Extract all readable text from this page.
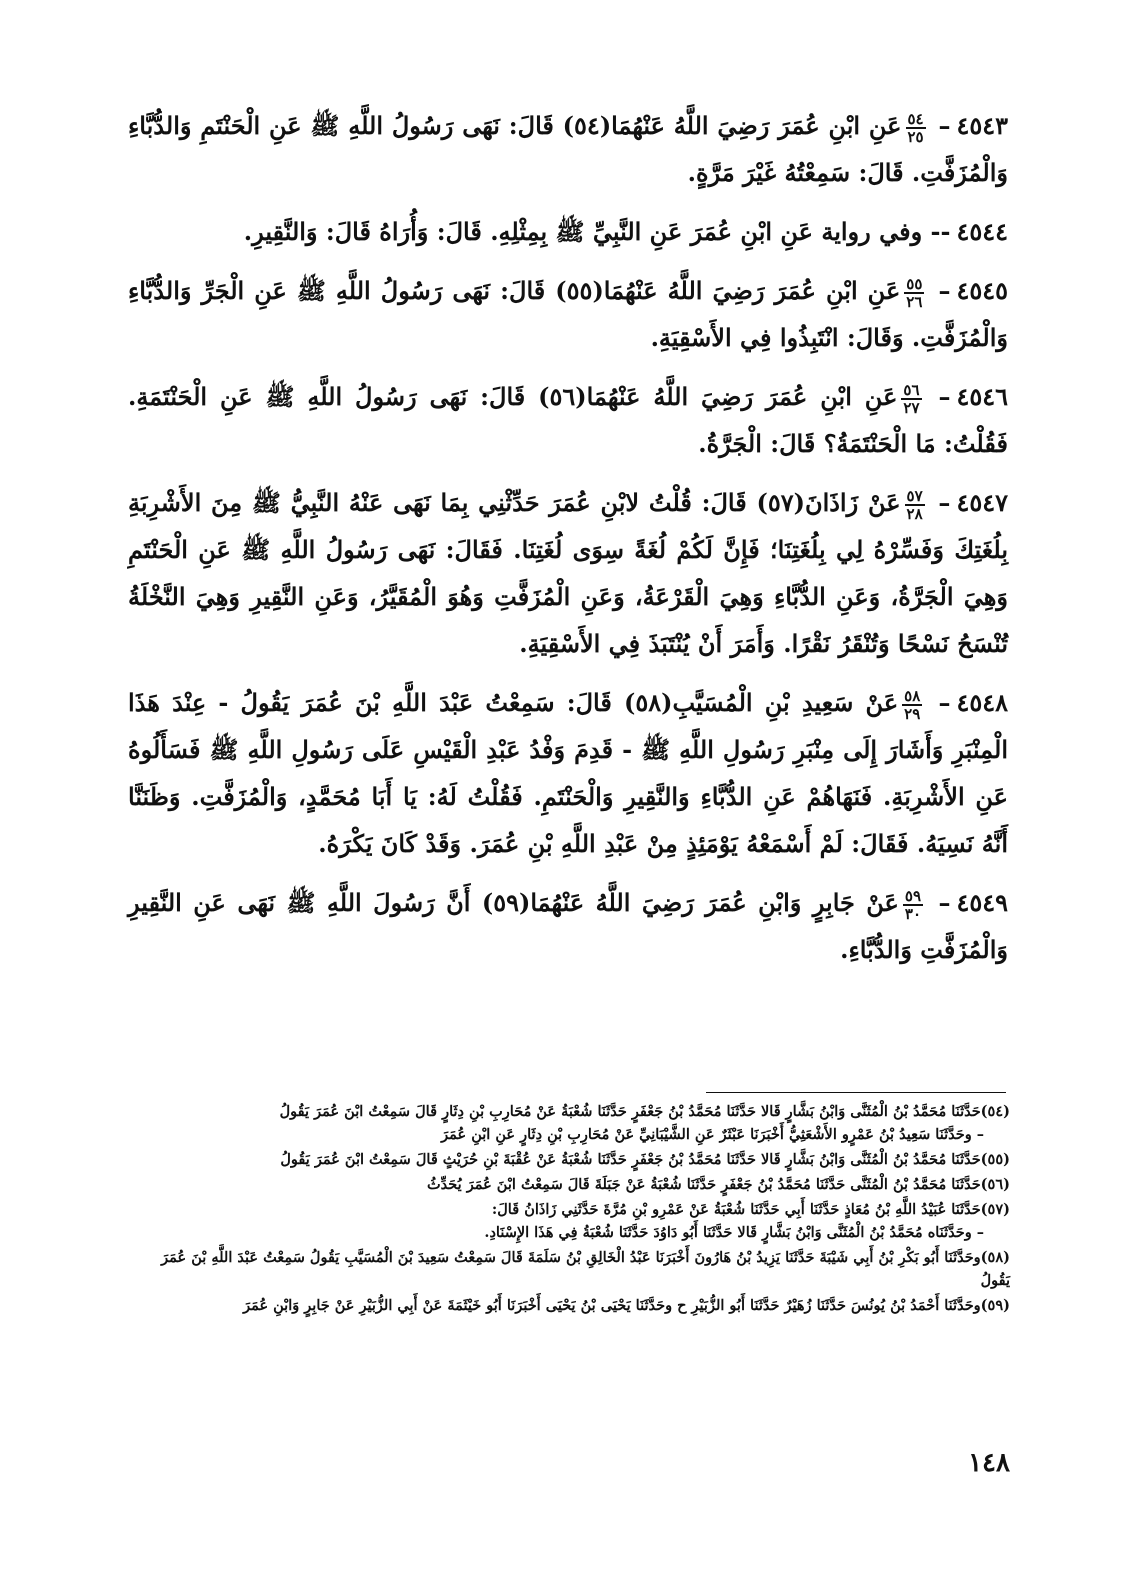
٤٥٤٣–
$\frac{٥٤}{٢٥}$
عَنِ ابْنِ عُمَرَ رَضِيَ اللَّهُ عَنْهُمَا(٥٤) قَالَ: نَهَى رَسُولُ اللَّهِ ﷺ عَنِ الْحَنْتَمِ وَالدُّبَّاءِ وَالْمُزَفَّتِ. قَالَ: سَمِعْتُهُ غَيْرَ مَرَّةٍ.

٤٥٤٤-- وفي رواية عَنِ ابْنِ عُمَرَ عَنِ النَّبِيِّ ﷺ بِمِثْلِهِ. قَالَ: وَأُرَاهُ قَالَ: وَالنَّقِيرِ.

٤٥٤٥–
$\frac{٥٥}{٢٦}$
عَنِ ابْنِ عُمَرَ رَضِيَ اللَّهُ عَنْهُمَا(٥٥) قَالَ: نَهَى رَسُولُ اللَّهِ ﷺ عَنِ الْجَرِّ وَالدُّبَّاءِ وَالْمُزَفَّتِ. وَقَالَ: انْتَبِذُوا فِي الأَسْقِيَةِ.

٤٥٤٦–
$\frac{٥٦}{٢٧}$
عَنِ ابْنِ عُمَرَ رَضِيَ اللَّهُ عَنْهُمَا(٥٦) قَالَ: نَهَى رَسُولُ اللَّهِ ﷺ عَنِ الْحَنْتَمَةِ. فَقُلْتُ: مَا الْحَنْتَمَةُ؟ قَالَ: الْجَرَّةُ.

٤٥٤٧–
$\frac{٥٧}{٢٨}$
عَنْ زَاذَانَ(٥٧) قَالَ: قُلْتُ لابْنِ عُمَرَ حَدِّثْنِي بِمَا نَهَى عَنْهُ النَّبِيُّ ﷺ مِنَ الأَشْرِبَةِ بِلُغَتِكَ وَفَسِّرْهُ لِي بِلُغَتِنَا؛ فَإِنَّ لَكُمْ لُغَةً سِوَى لُغَتِنَا. فَقَالَ: نَهَى رَسُولُ اللَّهِ ﷺ عَنِ الْحَنْتَمِ وَهِيَ الْجَرَّةُ، وَعَنِ الدُّبَّاءِ وَهِيَ الْقَرْعَةُ، وَعَنِ الْمُزَفَّتِ وَهُوَ الْمُقَيَّرُ، وَعَنِ النَّقِيرِ وَهِيَ النَّخْلَةُ تُنْسَحُ نَسْحًا وَتُنْقَرُ نَقْرًا. وَأَمَرَ أَنْ يُنْتَبَذَ فِي الأَسْقِيَةِ.

٤٥٤٨–
$\frac{٥٨}{٢٩}$
عَنْ سَعِيدِ بْنِ الْمُسَيَّبِ(٥٨) قَالَ: سَمِعْتُ عَبْدَ اللَّهِ بْنَ عُمَرَ يَقُولُ - عِنْدَ هَذَا الْمِنْبَرِ وَأَشَارَ إِلَى مِنْبَرِ رَسُولِ اللَّهِ ﷺ - قَدِمَ وَفْدُ عَبْدِ الْقَيْسِ عَلَى رَسُولِ اللَّهِ ﷺ فَسَأَلُوهُ عَنِ الأَشْرِبَةِ. فَنَهَاهُمْ عَنِ الدُّبَّاءِ وَالنَّقِيرِ وَالْحَنْتَمِ. فَقُلْتُ لَهُ: يَا أَبَا مُحَمَّدٍ، وَالْمُزَفَّتِ. وَظَنَنَّا أَنَّهُ نَسِيَهُ. فَقَالَ: لَمْ أَسْمَعْهُ يَوْمَئِذٍ مِنْ عَبْدِ اللَّهِ بْنِ عُمَرَ. وَقَدْ كَانَ يَكْرَهُ.

٤٥٤٩–
$\frac{٥٩}{٣٠}$
عَنْ جَابِرٍ وَابْنِ عُمَرَ رَضِيَ اللَّهُ عَنْهُمَا(٥٩) أَنَّ رَسُولَ اللَّهِ ﷺ نَهَى عَنِ النَّقِيرِ وَالْمُزَفَّتِ وَالدُّبَّاءِ.

(٥٤)حَدَّثَنَا مُحَمَّدُ بْنُ الْمُثَنَّى وَابْنُ بَشَّارٍ قَالا حَدَّثَنَا مُحَمَّدُ بْنُ جَعْفَرٍ حَدَّثَنَا شُعْبَةُ عَنْ مُحَارِبِ بْنِ دِثَارٍ قَالَ سَمِعْتُ ابْنَ عُمَرَ يَقُولُ
– وحَدَّثَنَا سَعِيدُ بْنُ عَمْرٍو الأَشْعَثِيُّ أَخْبَرَنَا عَبْثَرٌ عَنِ الشَّيْبَانِيِّ عَنْ مُحَارِبِ بْنِ دِثَارٍ عَنِ ابْنِ عُمَرَ
(٥٥)حَدَّثَنَا مُحَمَّدُ بْنُ الْمُثَنَّى وَابْنُ بَشَّارٍ قَالا حَدَّثَنَا مُحَمَّدُ بْنُ جَعْفَرٍ حَدَّثَنَا شُعْبَةُ عَنْ عُقْبَةَ بْنِ حُرَيْثٍ قَالَ سَمِعْتُ ابْنَ عُمَرَ يَقُولُ
(٥٦)حَدَّثَنَا مُحَمَّدُ بْنُ الْمُثَنَّى حَدَّثَنَا مُحَمَّدُ بْنُ جَعْفَرٍ حَدَّثَنَا شُعْبَةُ عَنْ جَبَلَةَ قَالَ سَمِعْتُ ابْنَ عُمَرَ يُحَدِّثُ
(٥٧)حَدَّثَنَا عُبَيْدُ اللَّهِ بْنُ مُعَاذٍ حَدَّثَنَا أَبِي حَدَّثَنَا شُعْبَةُ عَنْ عَمْرِو بْنِ مُرَّةَ حَدَّثَنِي زَاذَانُ قَالَ:
– وحَدَّثَنَاه مُحَمَّدُ بْنُ الْمُثَنَّى وَابْنُ بَشَّارٍ قَالا حَدَّثَنَا أَبُو دَاوُدَ حَدَّثَنَا شُعْبَةُ فِي هَذَا الإِسْنَادِ.
(٥٨)وحَدَّثَنَا أَبُو بَكْرِ بْنُ أَبِي شَيْبَةَ حَدَّثَنَا يَزِيدُ بْنُ هَارُونَ أَخْبَرَنَا عَبْدُ الْخَالِقِ بْنُ سَلَمَةَ قَالَ سَمِعْتُ سَعِيدَ بْنَ الْمُسَيَّبِ يَقُولُ سَمِعْتُ عَبْدَ اللَّهِ بْنَ عُمَرَ يَقُولُ
(٥٩)وحَدَّثَنَا أَحْمَدُ بْنُ يُونُسَ حَدَّثَنَا زُهَيْرٌ حَدَّثَنَا أَبُو الزُّبَيْرِ ح وحَدَّثَنَا يَحْيَى بْنُ يَحْيَى أَخْبَرَنَا أَبُو خَيْثَمَةَ عَنْ أَبِي الزُّبَيْرِ عَنْ جَابِرٍ وَابْنِ عُمَرَ
١٤٨
